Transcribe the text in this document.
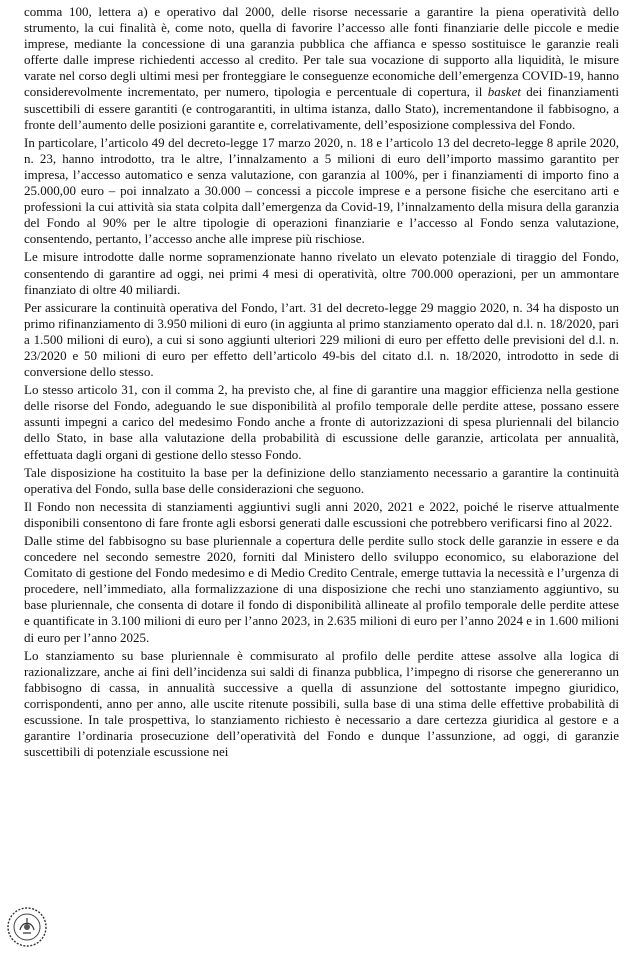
comma 100, lettera a) e operativo dal 2000, delle risorse necessarie a garantire la piena operatività dello strumento, la cui finalità è, come noto, quella di favorire l’accesso alle fonti finanziarie delle piccole e medie imprese, mediante la concessione di una garanzia pubblica che affianca e spesso sostituisce le garanzie reali offerte dalle imprese richiedenti accesso al credito. Per tale sua vocazione di supporto alla liquidità, le misure varate nel corso degli ultimi mesi per fronteggiare le conseguenze economiche dell’emergenza COVID-19, hanno considerevolmente incrementato, per numero, tipologia e percentuale di copertura, il basket dei finanziamenti suscettibili di essere garantiti (e controgarantiti, in ultima istanza, dallo Stato), incrementandone il fabbisogno, a fronte dell’aumento delle posizioni garantite e, correlativamente, dell’esposizione complessiva del Fondo.

In particolare, l’articolo 49 del decreto-legge 17 marzo 2020, n. 18 e l’articolo 13 del decreto-legge 8 aprile 2020, n. 23, hanno introdotto, tra le altre, l’innalzamento a 5 milioni di euro dell’importo massimo garantito per impresa, l’accesso automatico e senza valutazione, con garanzia al 100%, per i finanziamenti di importo fino a 25.000,00 euro – poi innalzato a 30.000 – concessi a piccole imprese e a persone fisiche che esercitano arti e professioni la cui attività sia stata colpita dall’emergenza da Covid-19, l’innalzamento della misura della garanzia del Fondo al 90% per le altre tipologie di operazioni finanziarie e l’accesso al Fondo senza valutazione, consentendo, pertanto, l’accesso anche alle imprese più rischiose.

Le misure introdotte dalle norme sopramenzionate hanno rivelato un elevato potenziale di tiraggio del Fondo, consentendo di garantire ad oggi, nei primi 4 mesi di operatività, oltre 700.000 operazioni, per un ammontare finanziato di oltre 40 miliardi.

Per assicurare la continuità operativa del Fondo, l’art. 31 del decreto-legge 29 maggio 2020, n. 34 ha disposto un primo rifinanziamento di 3.950 milioni di euro (in aggiunta al primo stanziamento operato dal d.l. n. 18/2020, pari a 1.500 milioni di euro), a cui si sono aggiunti ulteriori 229 milioni di euro per effetto delle previsioni del d.l. n. 23/2020 e 50 milioni di euro per effetto dell’articolo 49-bis del citato d.l. n. 18/2020, introdotto in sede di conversione dello stesso.

Lo stesso articolo 31, con il comma 2, ha previsto che, al fine di garantire una maggior efficienza nella gestione delle risorse del Fondo, adeguando le sue disponibilità al profilo temporale delle perdite attese, possano essere assunti impegni a carico del medesimo Fondo anche a fronte di autorizzazioni di spesa pluriennali del bilancio dello Stato, in base alla valutazione della probabilità di escussione delle garanzie, articolata per annualità, effettuata dagli organi di gestione dello stesso Fondo.

Tale disposizione ha costituito la base per la definizione dello stanziamento necessario a garantire la continuità operativa del Fondo, sulla base delle considerazioni che seguono.

Il Fondo non necessita di stanziamenti aggiuntivi sugli anni 2020, 2021 e 2022, poiché le riserve attualmente disponibili consentono di fare fronte agli esborsi generati dalle escussioni che potrebbero verificarsi fino al 2022.

Dalle stime del fabbisogno su base pluriennale a copertura delle perdite sullo stock delle garanzie in essere e da concedere nel secondo semestre 2020, forniti dal Ministero dello sviluppo economico, su elaborazione del Comitato di gestione del Fondo medesimo e di Medio Credito Centrale, emerge tuttavia la necessità e l’urgenza di procedere, nell’immediato, alla formalizzazione di una disposizione che rechi uno stanziamento aggiuntivo, su base pluriennale, che consenta di dotare il fondo di disponibilità allineate al profilo temporale delle perdite attese e quantificate in 3.100 milioni di euro per l’anno 2023, in 2.635 milioni di euro per l’anno 2024 e in 1.600 milioni di euro per l’anno 2025.

Lo stanziamento su base pluriennale è commisurato al profilo delle perdite attese assolve alla logica di razionalizzare, anche ai fini dell’incidenza sui saldi di finanza pubblica, l’impegno di risorse che genereranno un fabbisogno di cassa, in annualità successive a quella di assunzione del sottostante impegno giuridico, corrispondenti, anno per anno, alle uscite ritenute possibili, sulla base di una stima delle effettive probabilità di escussione. In tale prospettiva, lo stanziamento richiesto è necessario a dare certezza giuridica al gestore e a garantire l’ordinaria prosecuzione dell’operatività del Fondo e dunque l’assunzione, ad oggi, di garanzie suscettibili di potenziale escussione nei
